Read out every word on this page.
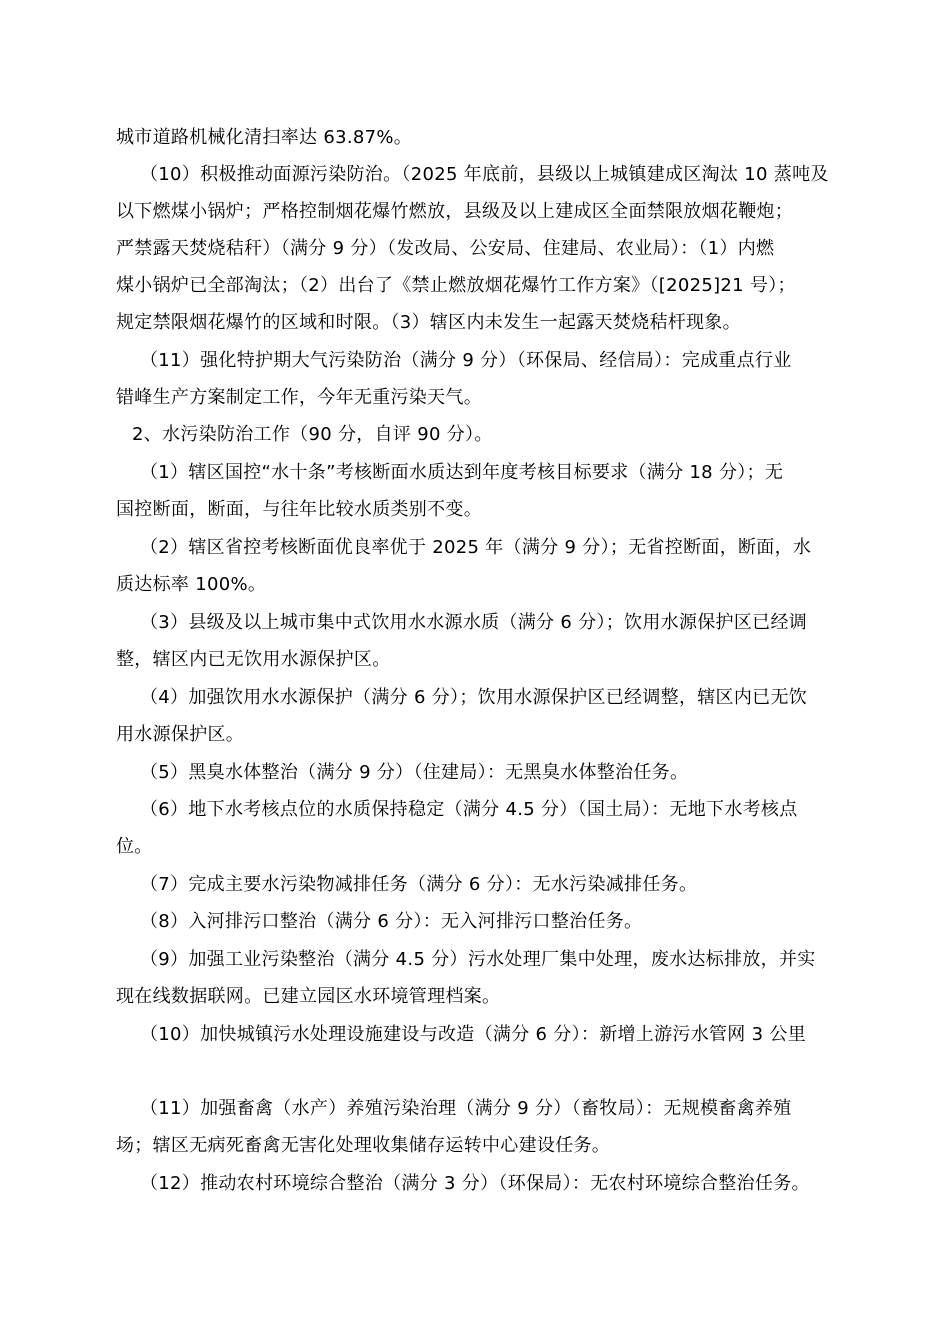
城市道路机械化清扫率达 63.87%。
（10）积极推动面源污染防治。（2025 年底前，县级以上城镇建成区淘汰 10 蒸吨及
以下燃煤小锅炉；严格控制烟花爆竹燃放，县级及以上建成区全面禁限放烟花鞭炮；
严禁露天焚烧秸秆）（满分 9 分）（发改局、公安局、住建局、农业局）：（1）内燃
煤小锅炉已全部淘汰；（2）出台了《禁止燃放烟花爆竹工作方案》（[2025]21 号）；
规定禁限烟花爆竹的区域和时限。（3）辖区内未发生一起露天焚烧秸杆现象。
（11）强化特护期大气污染防治（满分 9 分）（环保局、经信局）：完成重点行业
错峰生产方案制定工作，今年无重污染天气。
2、水污染防治工作（90 分，自评 90 分）。
（1）辖区国控“水十条”考核断面水质达到年度考核目标要求（满分 18 分）；无
国控断面，断面，与往年比较水质类别不变。
（2）辖区省控考核断面优良率优于 2025 年（满分 9 分）；无省控断面，断面，水
质达标率 100%。
（3）县级及以上城市集中式饮用水水源水质（满分 6 分）；饮用水源保护区已经调
整，辖区内已无饮用水源保护区。
（4）加强饮用水水源保护（满分 6 分）；饮用水源保护区已经调整，辖区内已无饮
用水源保护区。
（5）黑臭水体整治（满分 9 分）（住建局）：无黑臭水体整治任务。
（6）地下水考核点位的水质保持稳定（满分 4.5 分）（国土局）：无地下水考核点
位。
（7）完成主要水污染物减排任务（满分 6 分）：无水污染减排任务。
（8）入河排污口整治（满分 6 分）：无入河排污口整治任务。
（9）加强工业污染整治（满分 4.5 分）污水处理厂集中处理，废水达标排放，并实
现在线数据联网。已建立园区水环境管理档案。
（10）加快城镇污水处理设施建设与改造（满分 6 分）：新增上游污水管网 3 公里
（11）加强畜禽（水产）养殖污染治理（满分 9 分）（畜牧局）：无规模畜禽养殖
场；辖区无病死畜禽无害化处理收集储存运转中心建设任务。
（12）推动农村环境综合整治（满分 3 分）（环保局）：无农村环境综合整治任务。
